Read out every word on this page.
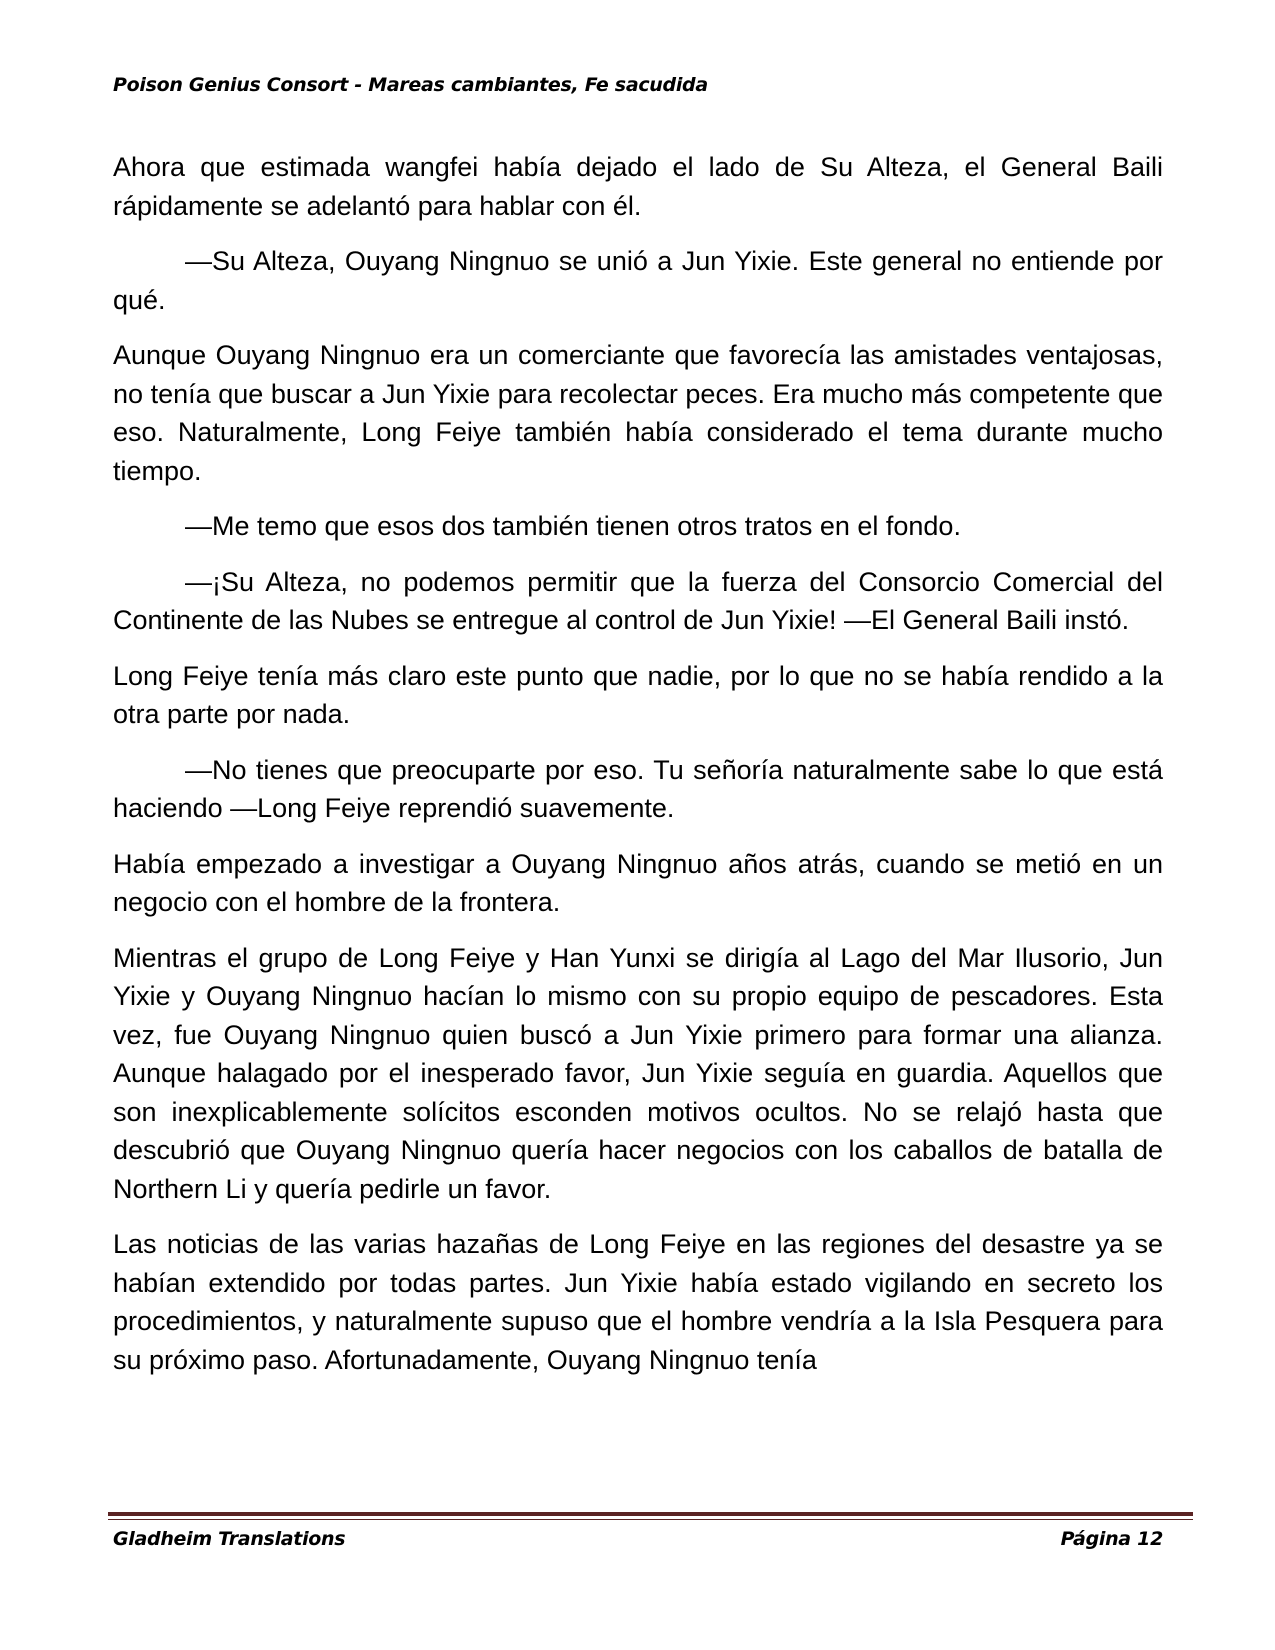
Poison Genius Consort - Mareas cambiantes, Fe sacudida

Ahora que estimada wangfei había dejado el lado de Su Alteza, el General Baili rápidamente se adelantó para hablar con él.

—Su Alteza, Ouyang Ningnuo se unió a Jun Yixie. Este general no entiende por qué.

Aunque Ouyang Ningnuo era un comerciante que favorecía las amistades ventajosas, no tenía que buscar a Jun Yixie para recolectar peces. Era mucho más competente que eso. Naturalmente, Long Feiye también había considerado el tema durante mucho tiempo.

—Me temo que esos dos también tienen otros tratos en el fondo.

—¡Su Alteza, no podemos permitir que la fuerza del Consorcio Comercial del Continente de las Nubes se entregue al control de Jun Yixie! —El General Baili instó.

Long Feiye tenía más claro este punto que nadie, por lo que no se había rendido a la otra parte por nada.

—No tienes que preocuparte por eso. Tu señoría naturalmente sabe lo que está haciendo —Long Feiye reprendió suavemente.

Había empezado a investigar a Ouyang Ningnuo años atrás, cuando se metió en un negocio con el hombre de la frontera.

Mientras el grupo de Long Feiye y Han Yunxi se dirigía al Lago del Mar Ilusorio, Jun Yixie y Ouyang Ningnuo hacían lo mismo con su propio equipo de pescadores. Esta vez, fue Ouyang Ningnuo quien buscó a Jun Yixie primero para formar una alianza. Aunque halagado por el inesperado favor, Jun Yixie seguía en guardia. Aquellos que son inexplicablemente solícitos esconden motivos ocultos. No se relajó hasta que descubrió que Ouyang Ningnuo quería hacer negocios con los caballos de batalla de Northern Li y quería pedirle un favor.

Las noticias de las varias hazañas de Long Feiye en las regiones del desastre ya se habían extendido por todas partes. Jun Yixie había estado vigilando en secreto los procedimientos, y naturalmente supuso que el hombre vendría a la Isla Pesquera para su próximo paso. Afortunadamente, Ouyang Ningnuo tenía

Gladheim Translations	Página 12
